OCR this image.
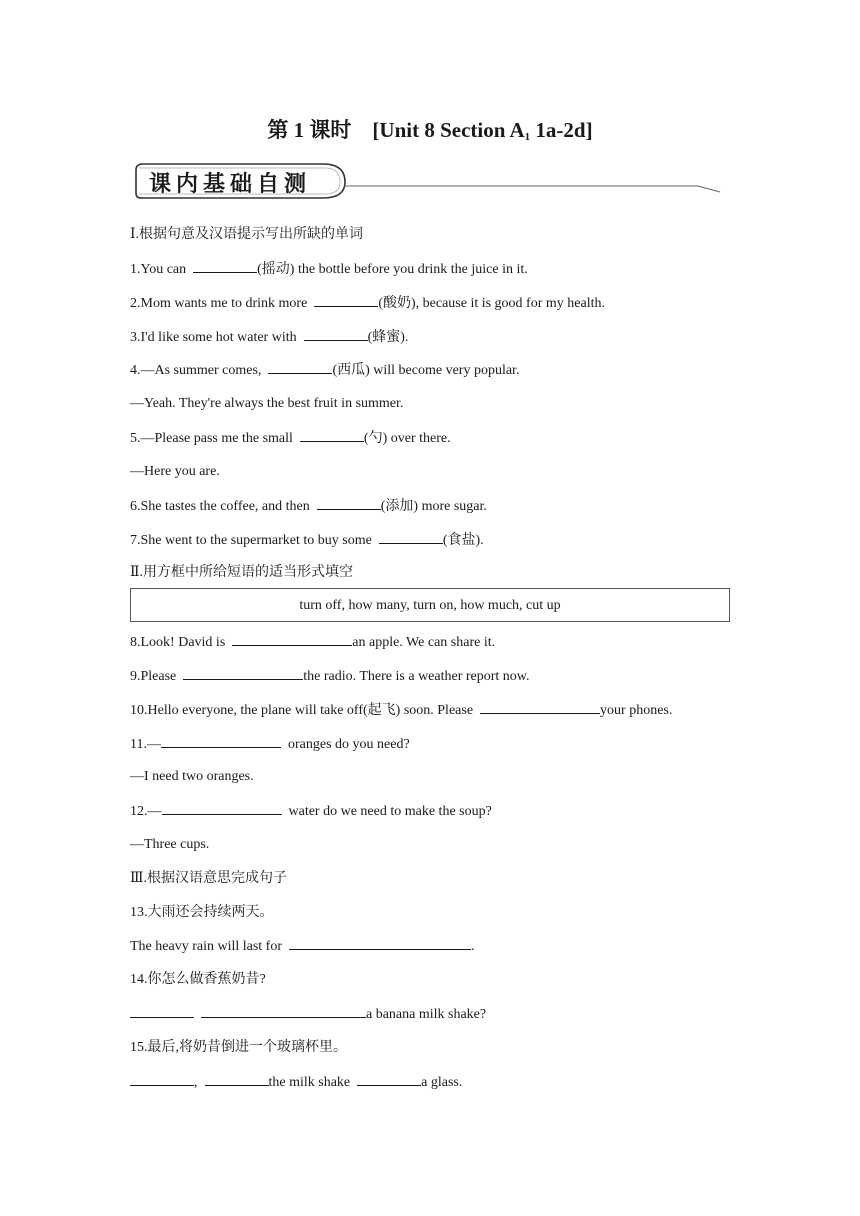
第 1 课时 [Unit 8 Section $A_1$ 1a-2d]
课内基础自测
Ⅰ.根据句意及汉语提示写出所缺的单词
1.You can	(摇动) the bottle before you drink the juice in it.
2.Mom wants me to drink more	(酸奶), because it is good for my health.
3.I'd like some hot water with	(蜂蜜).
4.—As summer comes,	(西瓜) will become very popular.
—Yeah. They're always the best fruit in summer.
5.—Please pass me the small	(勺) over there.
—Here you are.
6.She tastes the coffee, and then	(添加) more sugar.
7.She went to the supermarket to buy some	(食盐).
Ⅱ.用方框中所给短语的适当形式填空
turn off, how many, turn on, how much, cut up
8.Look! David is	an apple. We can share it.
9.Please	the radio. There is a weather report now.
10.Hello everyone, the plane will take off(起飞) soon. Please	your phones.
11.—	oranges do you need?
—I need two oranges.
12.—	water do we need to make the soup?
—Three cups.
Ⅲ.根据汉语意思完成句子
13.大雨还会持续两天。
The heavy rain will last for	.
14.你怎么做香蕉奶昔?
a banana milk shake?
15.最后,将奶昔倒进一个玻璃杯里。
,	the milk shake	a glass.
